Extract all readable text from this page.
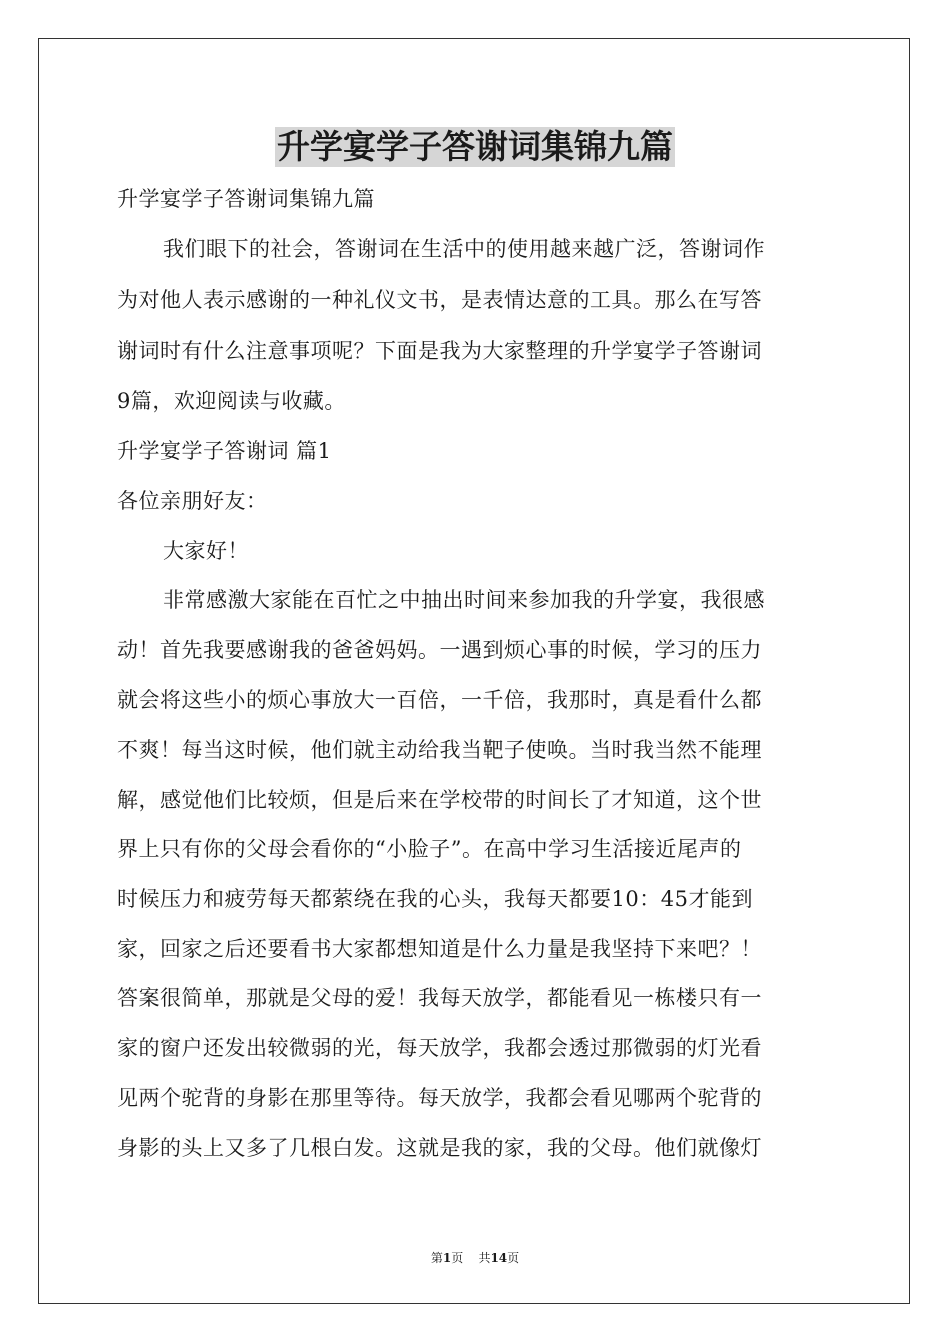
升学宴学子答谢词集锦九篇
升学宴学子答谢词集锦九篇
我们眼下的社会，答谢词在生活中的使用越来越广泛，答谢词作
为对他人表示感谢的一种礼仪文书，是表情达意的工具。那么在写答
谢词时有什么注意事项呢？下面是我为大家整理的升学宴学子答谢词
9篇，欢迎阅读与收藏。
升学宴学子答谢词 篇1
各位亲朋好友：
大家好！
非常感激大家能在百忙之中抽出时间来参加我的升学宴，我很感
动！首先我要感谢我的爸爸妈妈。一遇到烦心事的时候，学习的压力
就会将这些小的烦心事放大一百倍，一千倍，我那时，真是看什么都
不爽！每当这时候，他们就主动给我当靶子使唤。当时我当然不能理
解，感觉他们比较烦，但是后来在学校带的时间长了才知道，这个世
界上只有你的父母会看你的“小脸子”。在高中学习生活接近尾声的
时候压力和疲劳每天都萦绕在我的心头，我每天都要10：45才能到
家，回家之后还要看书大家都想知道是什么力量是我坚持下来吧？！
答案很简单，那就是父母的爱！我每天放学，都能看见一栋楼只有一
家的窗户还发出较微弱的光，每天放学，我都会透过那微弱的灯光看
见两个驼背的身影在那里等待。每天放学，我都会看见哪两个驼背的
身影的头上又多了几根白发。这就是我的家，我的父母。他们就像灯
第1页    共14页
